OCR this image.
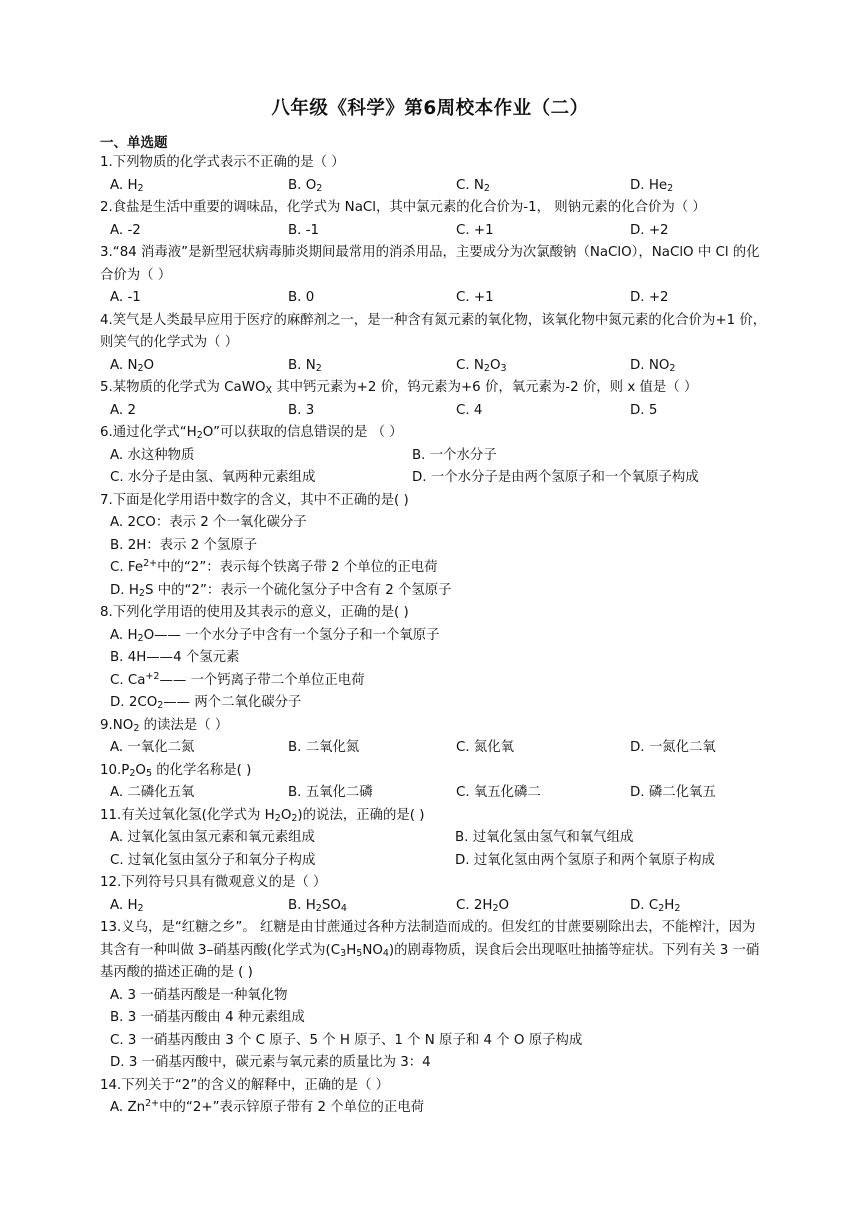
八年级《科学》第6周校本作业（二）
一、单选题

1.下列物质的化学式表示不正确的是（ ）

A. $H_2$	B. $O_2$	C. $N_2$	D. $He_2$

2.食盐是生活中重要的调味品，化学式为 NaCl，其中氯元素的化合价为-1， 则钠元素的化合价为（ ）

A. -2	B. -1	C. +1	D. +2

3.“84 消毒液”是新型冠状病毒肺炎期间最常用的消杀用品，主要成分为次氯酸钠（NaClO），NaClO 中 Cl 的化合价为（ ）

A. -1	B. 0	C. +1	D. +2

4.笑气是人类最早应用于医疗的麻醉剂之一，是一种含有氮元素的氧化物，该氧化物中氮元素的化合价为+1 价，则笑气的化学式为（ ）

A. $N_2O$	B. $N_2$	C. $N_2O_3$	D. $NO_2$

5.某物质的化学式为 CaWO$_X$ 其中钙元素为+2 价，钨元素为+6 价，氧元素为-2 价，则 x 值是（ ）

A. 2	B. 3	C. 4	D. 5

6.通过化学式“$H_2O$”可以获取的信息错误的是 （ ）

A. 水这种物质	B. 一个水分子
C. 水分子是由氢、氧两种元素组成	D. 一个水分子是由两个氢原子和一个氧原子构成

7.下面是化学用语中数字的含义，其中不正确的是( )

A. 2CO：表示 2 个一氧化碳分子

B. 2H：表示 2 个氢原子

C. $Fe^{2+}$中的“2”：表示每个铁离子带 2 个单位的正电荷

D. $H_2S$ 中的“2”：表示一个硫化氢分子中含有 2 个氢原子

8.下列化学用语的使用及其表示的意义，正确的是( )

A. $H_2O——$ 一个水分子中含有一个氢分子和一个氧原子

B. 4H——4 个氢元素

C. $Ca^{+2}——$ 一个钙离子带二个单位正电荷

D. $2CO_2——$ 两个二氧化碳分子

$9.NO_2$ 的读法是（ ）

A. 一氧化二氮	B. 二氧化氮	C. 氮化氧	D. 一氮化二氧

$10.P_2O_5$ 的化学名称是( )

A. 二磷化五氧	B. 五氧化二磷	C. 氧五化磷二	D. 磷二化氧五

11.有关过氧化氢(化学式为 $H_2O_2$)的说法，正确的是( )

A. 过氧化氢由氢元素和氧元素组成	B. 过氧化氢由氢气和氧气组成
C. 过氧化氢由氢分子和氧分子构成	D. 过氧化氢由两个氢原子和两个氧原子构成

12.下列符号只具有微观意义的是（ ）

A. $H_2$	B. $H_2SO_4$	C. $2H_2O$	D. $C_2H_2$

13.义乌，是“红糖之乡”。 红糖是由甘蔗通过各种方法制造而成的。但发红的甘蔗要剔除出去，不能榨汁，因为其含有一种叫做 3–硝基丙酸(化学式为$(C_3H_5NO_4)$的剧毒物质，误食后会出现呕吐抽搐等症状。下列有关 3 一硝基丙酸的描述正确的是 ( )

A. 3 一硝基丙酸是一种氧化物

B. 3 一硝基丙酸由 4 种元素组成

C. 3 一硝基丙酸由 3 个 C 原子、5 个 H 原子、1 个 N 原子和 4 个 O 原子构成

D. 3 一硝基丙酸中，碳元素与氧元素的质量比为 3：4

14.下列关于“2”的含义的解释中，正确的是（ ）

A. $Zn^{2+}$中的“2+”表示锌原子带有 2 个单位的正电荷
